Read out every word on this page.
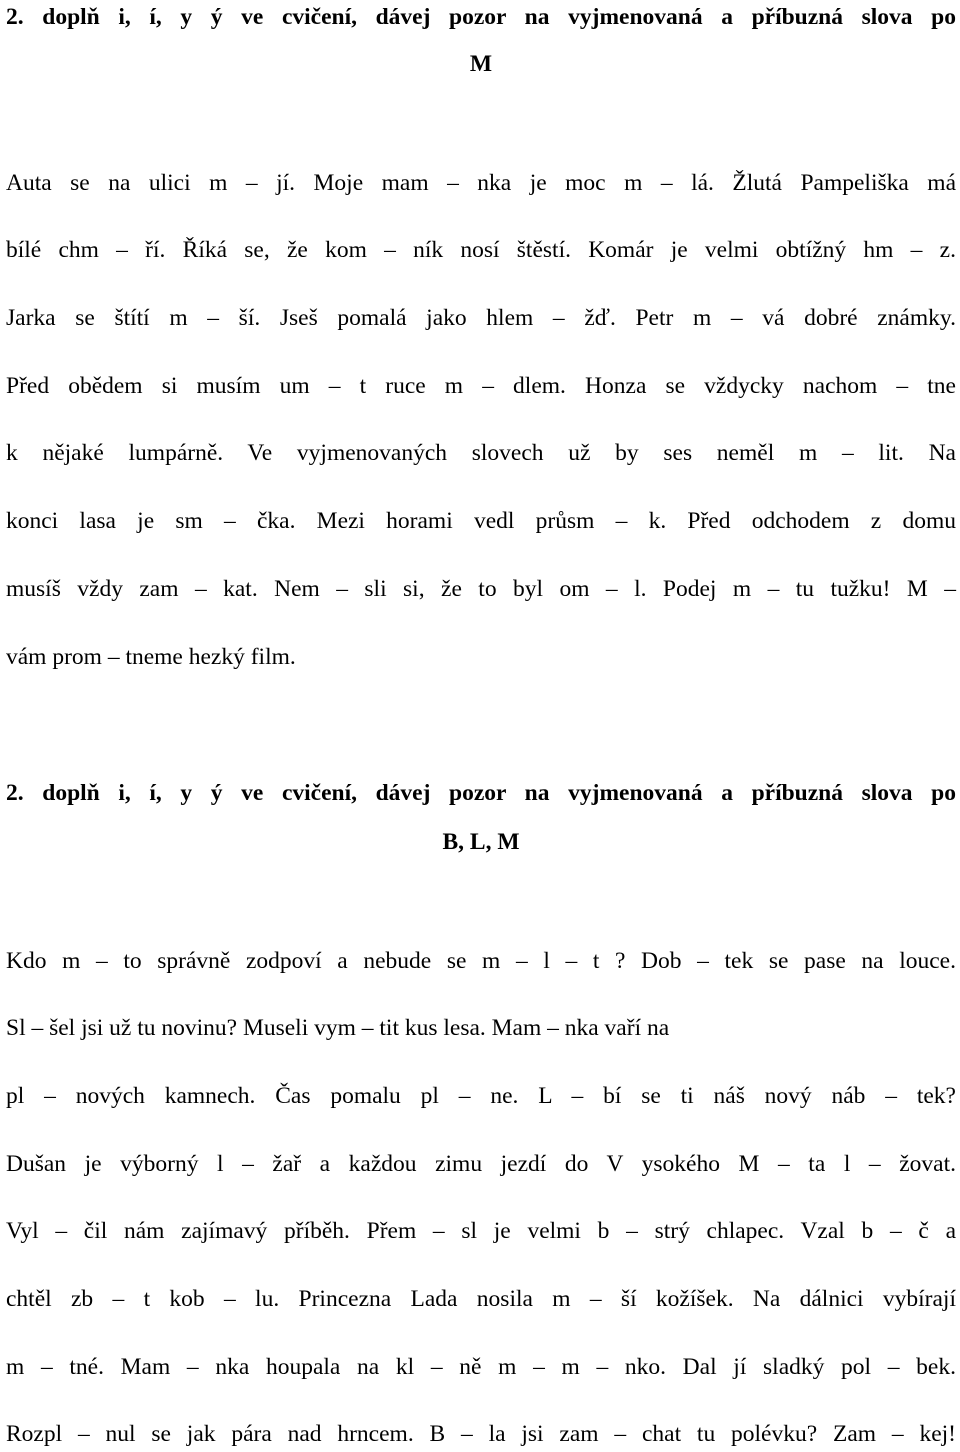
2. doplň i, í, y ý ve cvičení, dávej pozor na vyjmenovaná a příbuzná slova po
M
Auta se na ulici m – jí. Moje mam – nka je moc m – lá. Žlutá Pampeliška má
bílé chm – ří. Říká se, že kom – ník nosí štěstí. Komár je velmi obtížný hm – z.
Jarka se štítí m – ší. Jseš pomalá jako hlem – žď. Petr m – vá dobré známky.
Před obědem si musím um – t ruce m – dlem. Honza se vždycky nachom – tne
k nějaké lumpárně. Ve vyjmenovaných slovech už by ses neměl m – lit. Na
konci lasa je sm – čka. Mezi horami vedl průsm – k. Před odchodem z domu
musíš vždy zam – kat. Nem – sli si, že to byl om – l. Podej m – tu tužku! M –
vám prom – tneme hezký film.
2. doplň i, í, y ý ve cvičení, dávej pozor na vyjmenovaná a příbuzná slova po
B, L, M
Kdo m – to správně zodpoví a nebude se m – l – t ? Dob – tek se pase na louce.
Sl – šel jsi už tu novinu? Museli vym – tit kus lesa. Mam – nka vaří na
pl – nových kamnech. Čas pomalu pl – ne. L – bí se ti náš nový náb – tek?
Dušan je výborný l – žař a každou zimu jezdí do V ysokého M – ta l – žovat.
Vyl – čil nám zajímavý příběh. Přem – sl je velmi b – strý chlapec. Vzal b – č a
chtěl zb – t kob – lu. Princezna Lada nosila m – ší kožíšek. Na dálnici vybírají
m – tné. Mam – nka houpala na kl – ně m – m – nko. Dal jí sladký pol – bek.
Rozpl – nul se jak pára nad hrncem. B – la jsi zam – chat tu polévku? Zam – kej!
